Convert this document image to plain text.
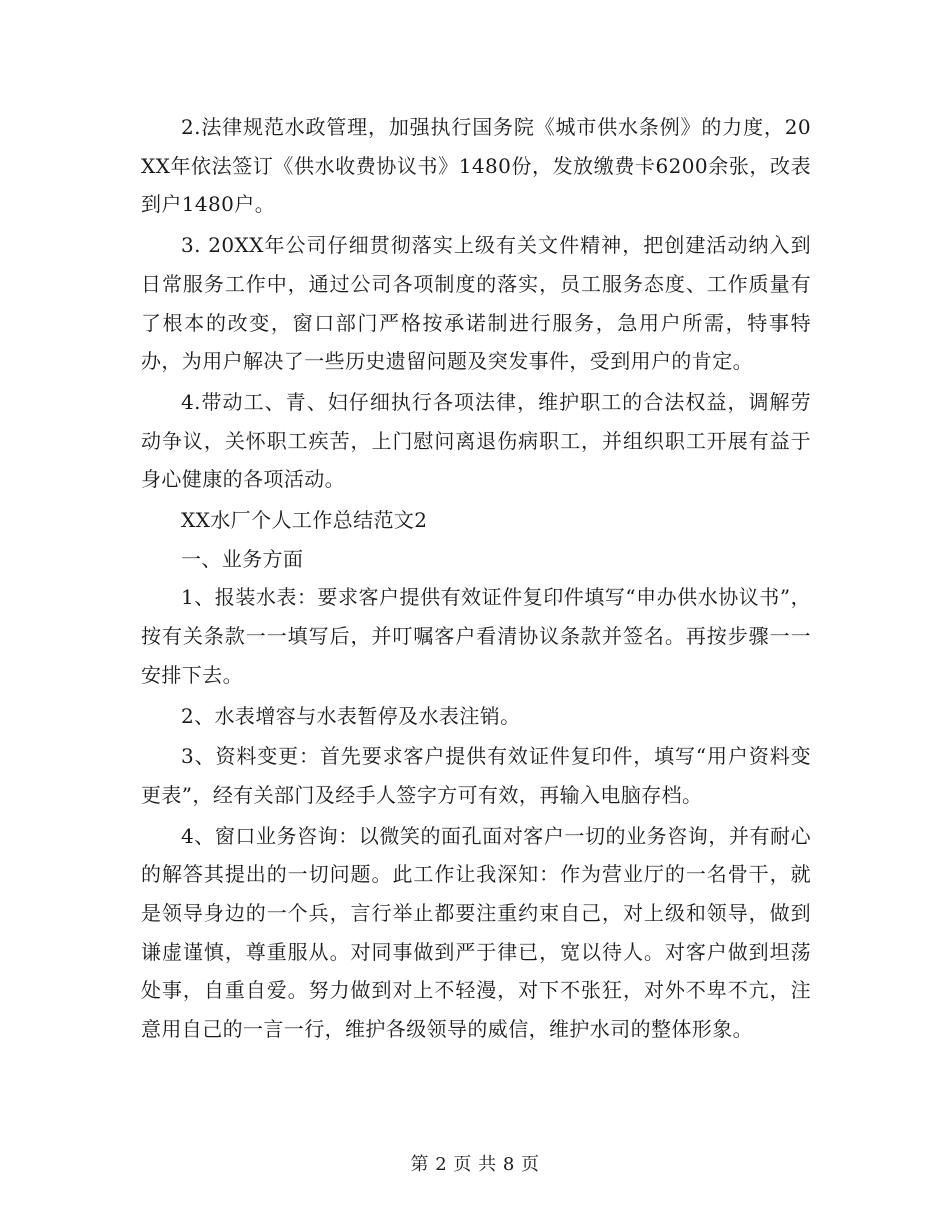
2.法律规范水政管理，加强执行国务院《城市供水条例》的力度，20XX年依法签订《供水收费协议书》1480份，发放缴费卡6200余张，改表到户1480户。

3. 20XX年公司仔细贯彻落实上级有关文件精神，把创建活动纳入到日常服务工作中，通过公司各项制度的落实，员工服务态度、工作质量有了根本的改变，窗口部门严格按承诺制进行服务，急用户所需，特事特办，为用户解决了一些历史遗留问题及突发事件，受到用户的肯定。

4.带动工、青、妇仔细执行各项法律，维护职工的合法权益，调解劳动争议，关怀职工疾苦，上门慰问离退伤病职工，并组织职工开展有益于身心健康的各项活动。

XX水厂个人工作总结范文2

一、业务方面

1、报装水表：要求客户提供有效证件复印件填写“申办供水协议书”，按有关条款一一填写后，并叮嘱客户看清协议条款并签名。再按步骤一一安排下去。

2、水表增容与水表暂停及水表注销。

3、资料变更：首先要求客户提供有效证件复印件，填写“用户资料变更表”，经有关部门及经手人签字方可有效，再输入电脑存档。

4、窗口业务咨询：以微笑的面孔面对客户一切的业务咨询，并有耐心的解答其提出的一切问题。此工作让我深知：作为营业厅的一名骨干，就是领导身边的一个兵，言行举止都要注重约束自己，对上级和领导，做到谦虚谨慎，尊重服从。对同事做到严于律已，宽以待人。对客户做到坦荡处事，自重自爱。努力做到对上不轻漫，对下不张狂，对外不卑不亢，注意用自己的一言一行，维护各级领导的威信，维护水司的整体形象。

第 2 页 共 8 页
